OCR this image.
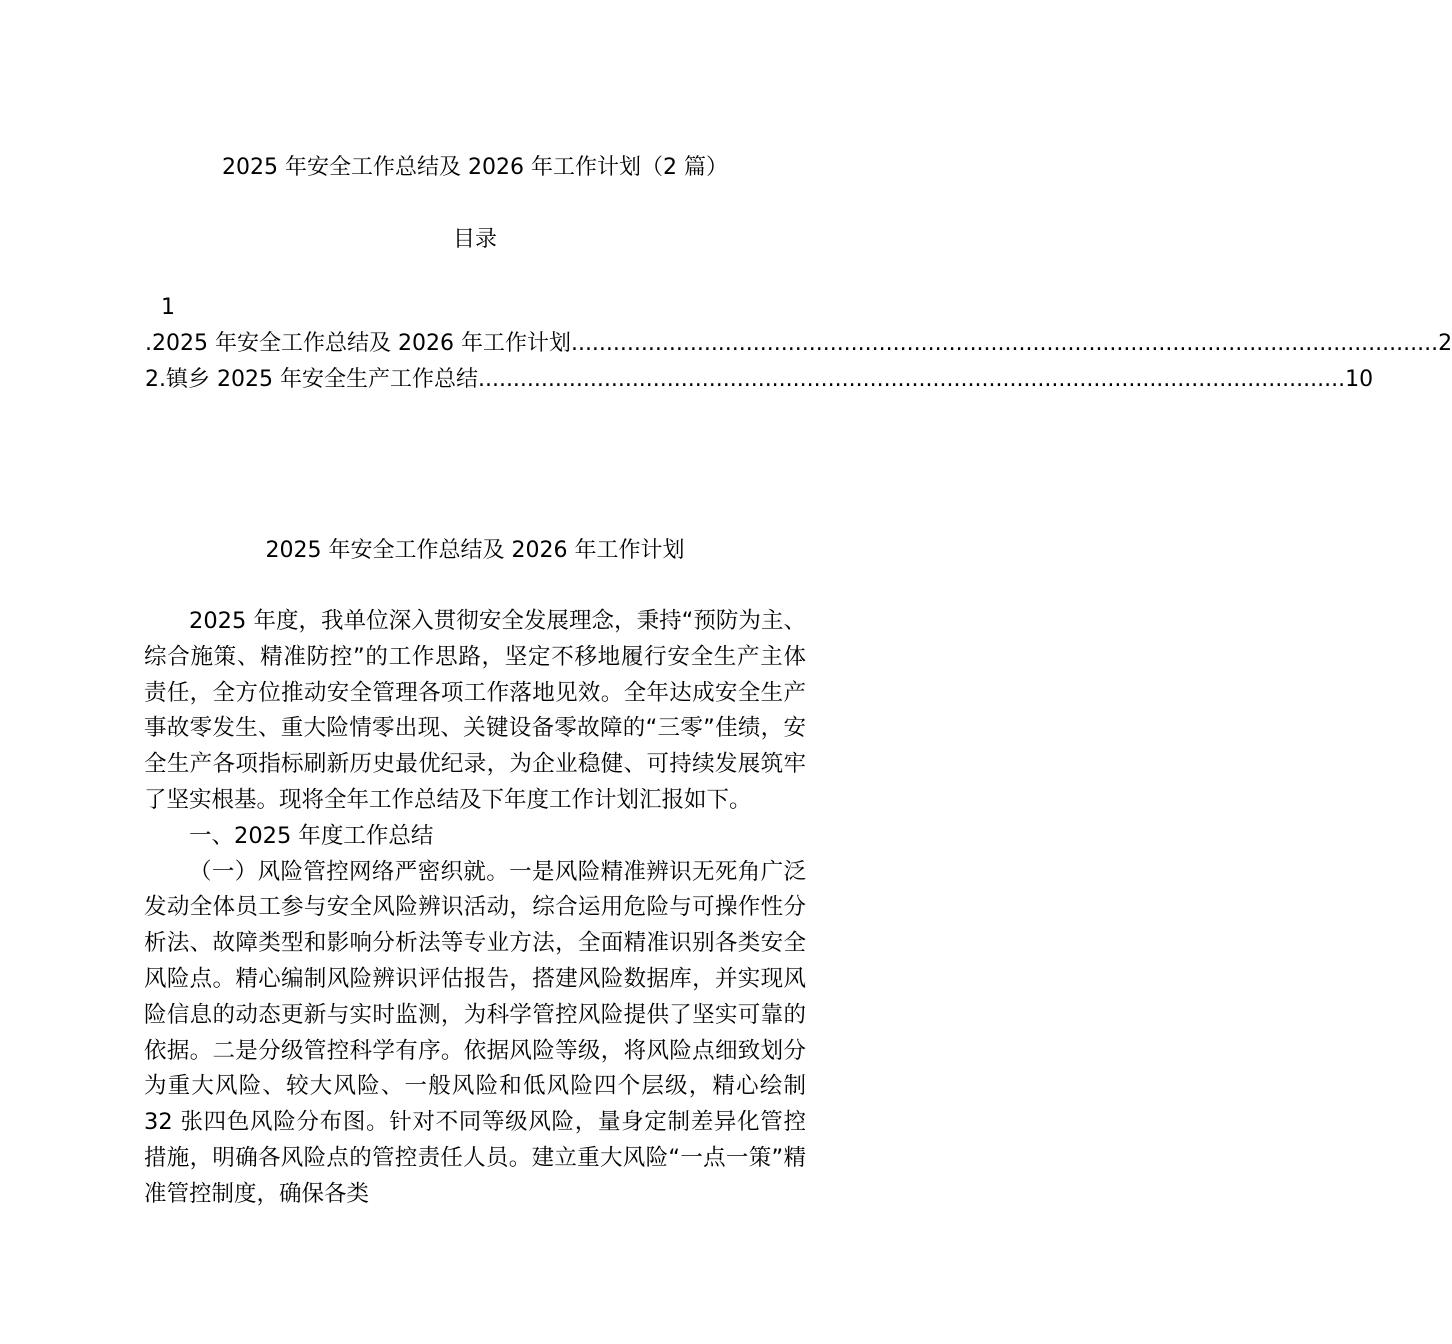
2025 年安全工作总结及 2026 年工作计划（2 篇）
目录
1
.2025 年安全工作总结及 2026 年工作计划 ............................................................................................................................ 2
2.镇乡 2025 年安全生产工作总结 ............................................................................................................................ 10
2025 年安全工作总结及 2026 年工作计划

2025 年度，我单位深入贯彻安全发展理念，秉持“预防为主、综合施策、精准防控”的工作思路，坚定不移地履行安全生产主体责任，全方位推动安全管理各项工作落地见效。全年达成安全生产事故零发生、重大险情零出现、关键设备零故障的“三零”佳绩，安全生产各项指标刷新历史最优纪录，为企业稳健、可持续发展筑牢了坚实根基。现将全年工作总结及下年度工作计划汇报如下。

一、2025 年度工作总结

（一）风险管控网络严密织就。一是风险精准辨识无死角广泛发动全体员工参与安全风险辨识活动，综合运用危险与可操作性分析法、故障类型和影响分析法等专业方法，全面精准识别各类安全风险点。精心编制风险辨识评估报告，搭建风险数据库，并实现风险信息的动态更新与实时监测，为科学管控风险提供了坚实可靠的依据。二是分级管控科学有序。依据风险等级，将风险点细致划分为重大风险、较大风险、一般风险和低风险四个层级，精心绘制 32 张四色风险分布图。针对不同等级风险，量身定制差异化管控措施，明确各风险点的管控责任人员。建立重大风险“一点一策”精准管控制度，确保各类
